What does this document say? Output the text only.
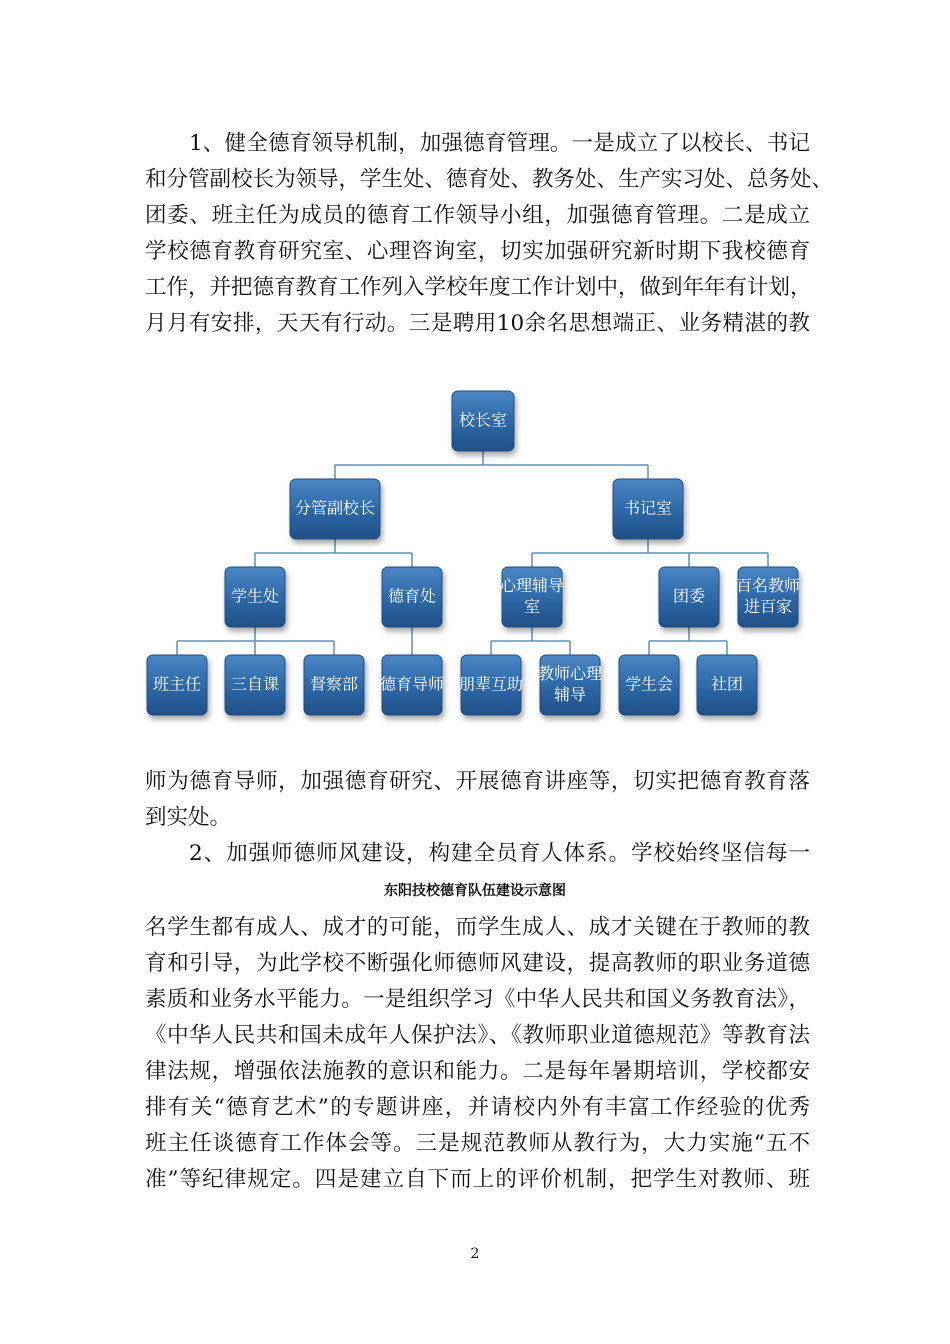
1、健全德育领导机制，加强德育管理。一是成立了以校长、书记
和分管副校长为领导，学生处、德育处、教务处、生产实习处、总务处、
团委、班主任为成员的德育工作领导小组，加强德育管理。二是成立
学校德育教育研究室、心理咨询室，切实加强研究新时期下我校德育
工作，并把德育教育工作列入学校年度工作计划中，做到年年有计划，
月月有安排，天天有行动。三是聘用10余名思想端正、业务精湛的教
校长室
分管副校长	书记室
学生处	德育处
心理辅导
室
团委
百名教师
进百家
班主任 三自课 督察部 德育导师 朋辈互助
教师心理
辅导
学生会 社团
师为德育导师，加强德育研究、开展德育讲座等，切实把德育教育落
到实处。
2、加强师德师风建设，构建全员育人体系。学校始终坚信每一
东阳技校德育队伍建设示意图
名学生都有成人、成才的可能，而学生成人、成才关键在于教师的教
育和引导，为此学校不断强化师德师风建设，提高教师的职业务道德
素质和业务水平能力。一是组织学习《中华人民共和国义务教育法》，
《中华人民共和国未成年人保护法》、《教师职业道德规范》等教育法
律法规，增强依法施教的意识和能力。二是每年暑期培训，学校都安
排有关“德育艺术”的专题讲座，并请校内外有丰富工作经验的优秀
班主任谈德育工作体会等。三是规范教师从教行为，大力实施“五不
准”等纪律规定。四是建立自下而上的评价机制，把学生对教师、班
2
